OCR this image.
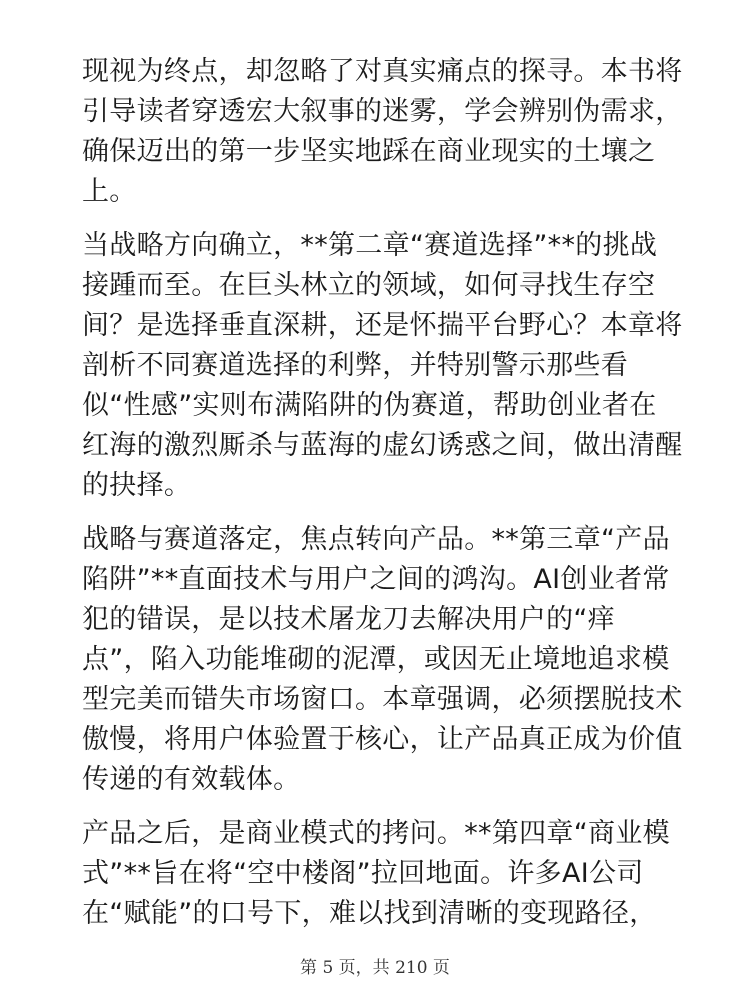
现视为终点，却忽略了对真实痛点的探寻。本书将
引导读者穿透宏大叙事的迷雾，学会辨别伪需求，
确保迈出的第一步坚实地踩在商业现实的土壤之
上。
当战略方向确立，**第二章“赛道选择”**的挑战
接踵而至。在巨头林立的领域，如何寻找生存空
间？是选择垂直深耕，还是怀揣平台野心？本章将
剖析不同赛道选择的利弊，并特别警示那些看
似“性感”实则布满陷阱的伪赛道，帮助创业者在
红海的激烈厮杀与蓝海的虚幻诱惑之间，做出清醒
的抉择。
战略与赛道落定，焦点转向产品。**第三章“产品
陷阱”**直面技术与用户之间的鸿沟。AI创业者常
犯的错误，是以技术屠龙刀去解决用户的“痒
点”，陷入功能堆砌的泥潭，或因无止境地追求模
型完美而错失市场窗口。本章强调，必须摆脱技术
傲慢，将用户体验置于核心，让产品真正成为价值
传递的有效载体。
产品之后，是商业模式的拷问。**第四章“商业模
式”**旨在将“空中楼阁”拉回地面。许多AI公司
在“赋能”的口号下，难以找到清晰的变现路径，
第 5 页，共 210 页
